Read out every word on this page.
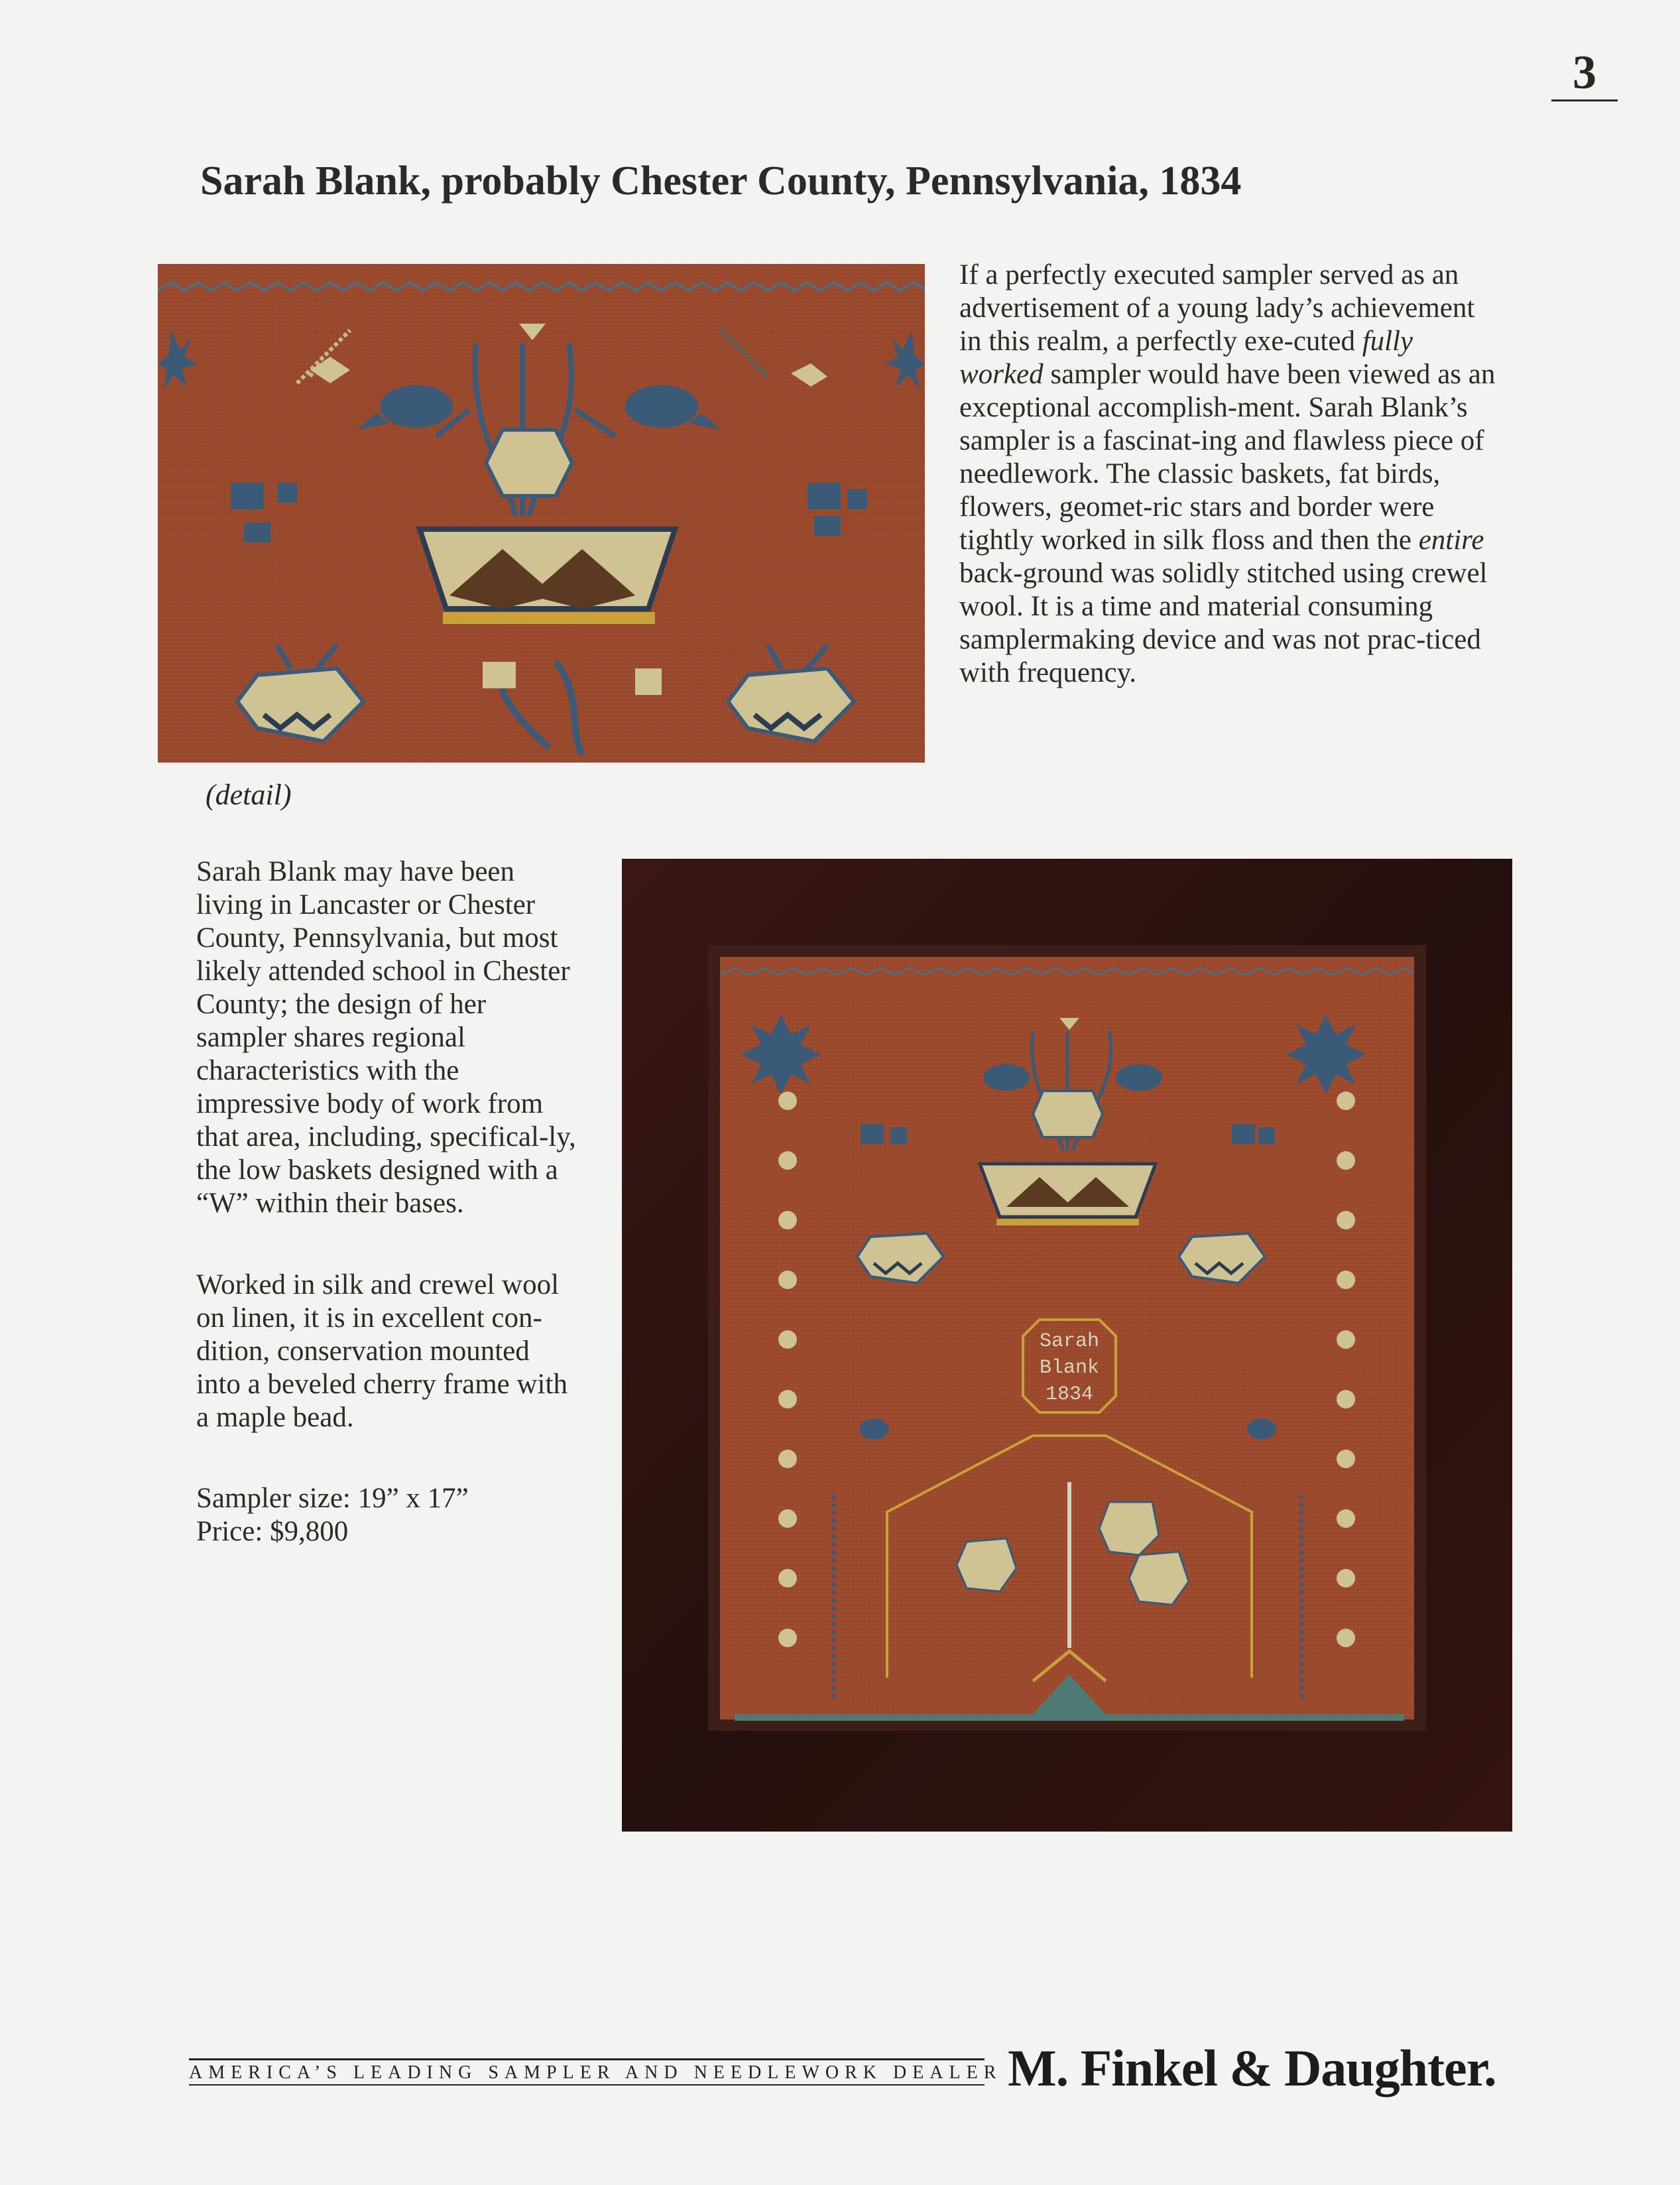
3
Sarah Blank, probably Chester County, Pennsylvania, 1834

If a perfectly executed sampler served as an advertisement of a young lady’s achievement in this realm, a perfectly exe-cuted fully worked sampler would have been viewed as an exceptional accomplish-ment. Sarah Blank’s sampler is a fascinat-ing and flawless piece of needlework. The classic baskets, fat birds, flowers, geomet-ric stars and border were tightly worked in silk floss and then the entire back-ground was solidly stitched using crewel wool. It is a time and material consuming samplermaking device and was not prac-ticed with frequency.

(detail)

Sarah Blank may have been living in Lancaster or Chester County, Pennsylvania, but most likely attended school in Chester County; the design of her sampler shares regional characteristics with the impressive body of work from that area, including, specifical-ly, the low baskets designed with a “W” within their bases.

Worked in silk and crewel wool on linen, it is in excellent con-dition, conservation mounted into a beveled cherry frame with a maple bead.

Sampler size: 19” x 17”

Price: $9,800

Sarah
Blank
1834
AMERICA’S LEADING SAMPLER AND NEEDLEWORK DEALER M. Finkel & Daughter.
